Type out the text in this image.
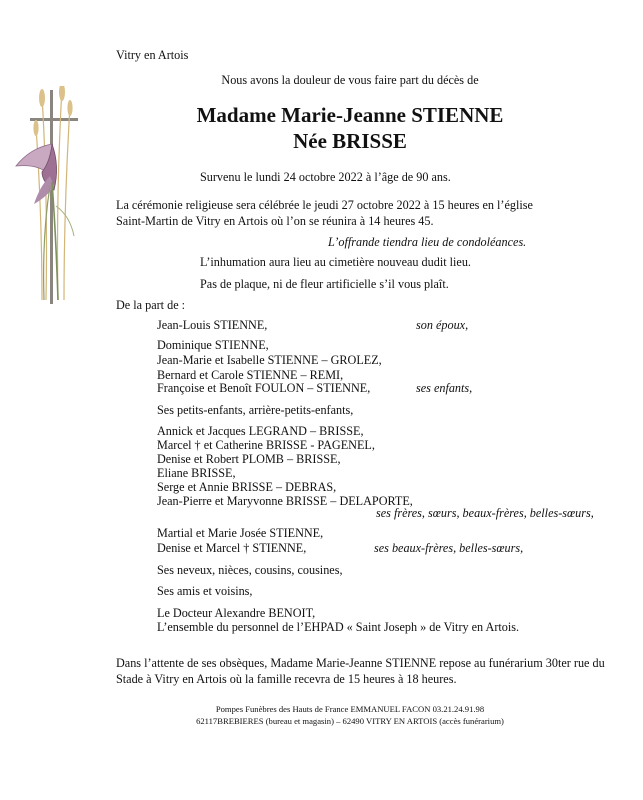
Vitry en Artois
Nous avons la douleur de vous faire part du décès de
Madame Marie-Jeanne STIENNE
Née BRISSE
Survenu le lundi 24 octobre 2022 à l’âge de 90 ans.
La cérémonie religieuse sera célébrée le jeudi 27 octobre 2022 à 15 heures en l’église
Saint-Martin de Vitry en Artois où l’on se réunira à 14 heures 45.
L’offrande tiendra lieu de condoléances.
L’inhumation aura lieu au cimetière nouveau dudit lieu.
Pas de plaque, ni de fleur artificielle s’il vous plaît.
De la part de :
Jean-Louis STIENNE,	son époux,
Dominique STIENNE,
Jean-Marie et Isabelle STIENNE – GROLEZ,
Bernard et Carole STIENNE – REMI,
Françoise et Benoît FOULON – STIENNE,	ses enfants,
Ses petits-enfants, arrière-petits-enfants,
Annick et Jacques LEGRAND – BRISSE,
Marcel † et Catherine BRISSE - PAGENEL,
Denise et Robert PLOMB – BRISSE,
Eliane BRISSE,
Serge et Annie BRISSE – DEBRAS,
Jean-Pierre et Maryvonne BRISSE – DELAPORTE,
ses frères, sœurs, beaux-frères, belles-sœurs,
Martial et Marie Josée STIENNE,
Denise et Marcel † STIENNE,	ses beaux-frères, belles-sœurs,
Ses neveux, nièces, cousins, cousines,
Ses amis et voisins,
Le Docteur Alexandre BENOIT,
L’ensemble du personnel de l’EHPAD « Saint Joseph » de Vitry en Artois.
Dans l’attente de ses obsèques, Madame Marie-Jeanne STIENNE repose au funérarium 30ter rue du
Stade à Vitry en Artois où la famille recevra de 15 heures à 18 heures.
Pompes Funèbres des Hauts de France EMMANUEL FACON 03.21.24.91.98
62117BREBIERES (bureau et magasin) – 62490 VITRY EN ARTOIS (accès funérarium)
